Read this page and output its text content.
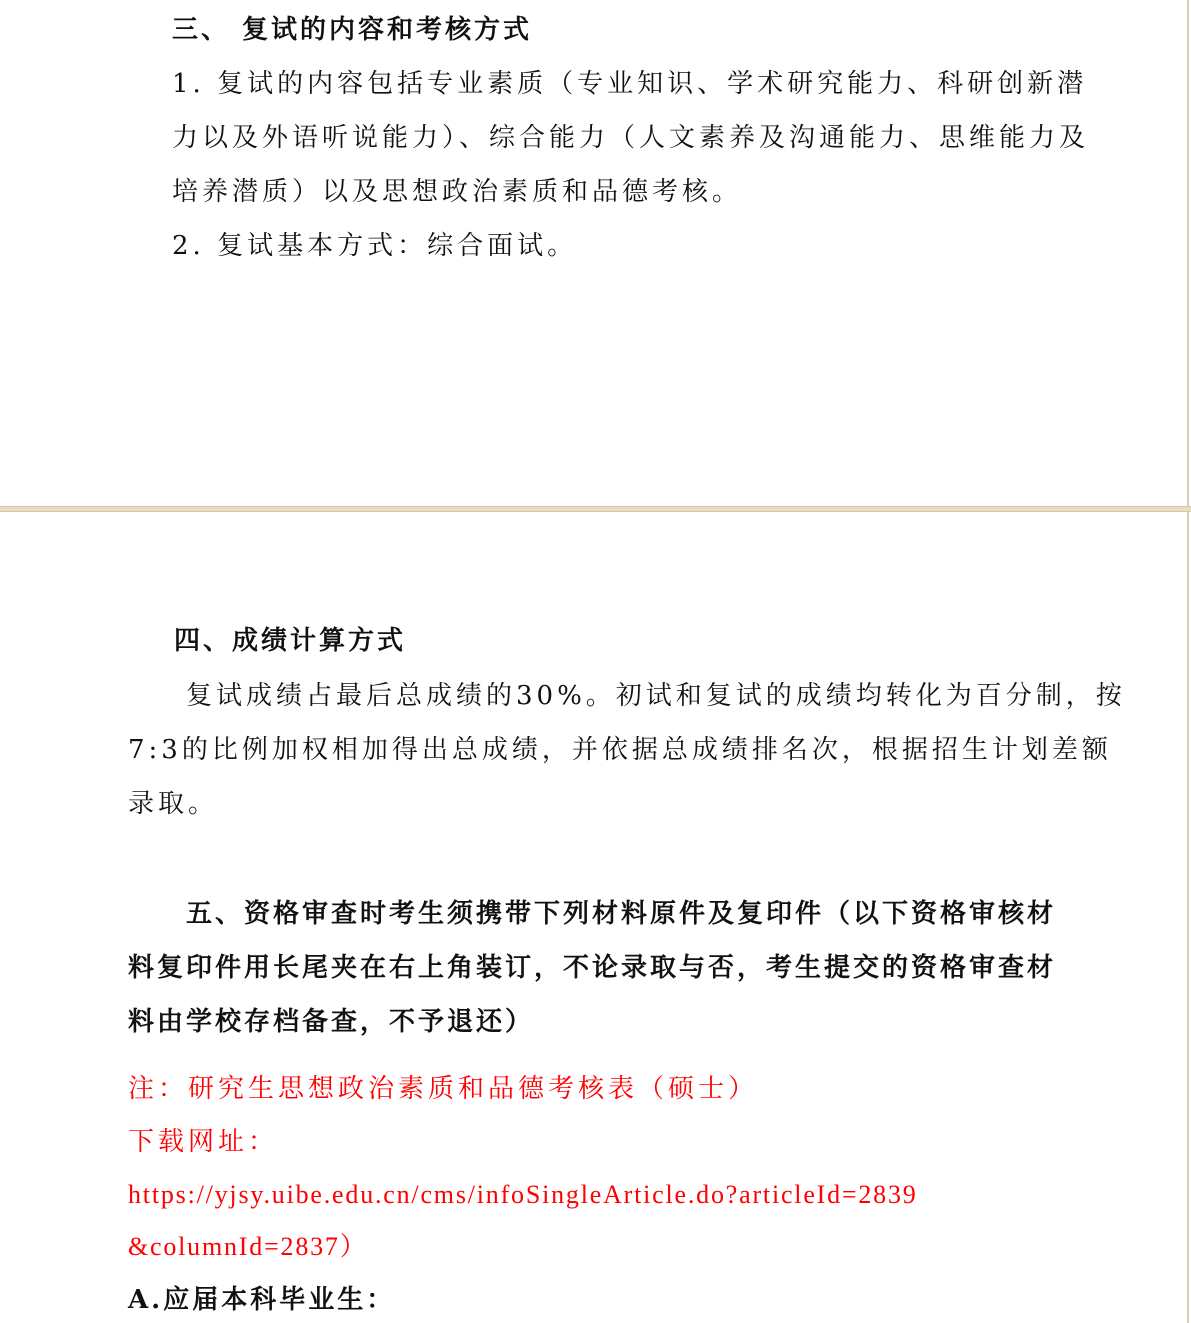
三、 复试的内容和考核方式

1. 复试的内容包括专业素质（专业知识、学术研究能力、科研创新潜

力以及外语听说能力）、综合能力（人文素养及沟通能力、思维能力及

培养潜质）以及思想政治素质和品德考核。

2. 复试基本方式：综合面试。

四、成绩计算方式

复试成绩占最后总成绩的30%。初试和复试的成绩均转化为百分制，按

7:3的比例加权相加得出总成绩，并依据总成绩排名次，根据招生计划差额

录取。

五、资格审查时考生须携带下列材料原件及复印件（以下资格审核材

料复印件用长尾夹在右上角装订，不论录取与否，考生提交的资格审查材

料由学校存档备查，不予退还）

注：研究生思想政治素质和品德考核表（硕士）

下载网址：

https://yjsy.uibe.edu.cn/cms/infoSingleArticle.do?articleId=2839

&columnId=2837）

A.应届本科毕业生：
